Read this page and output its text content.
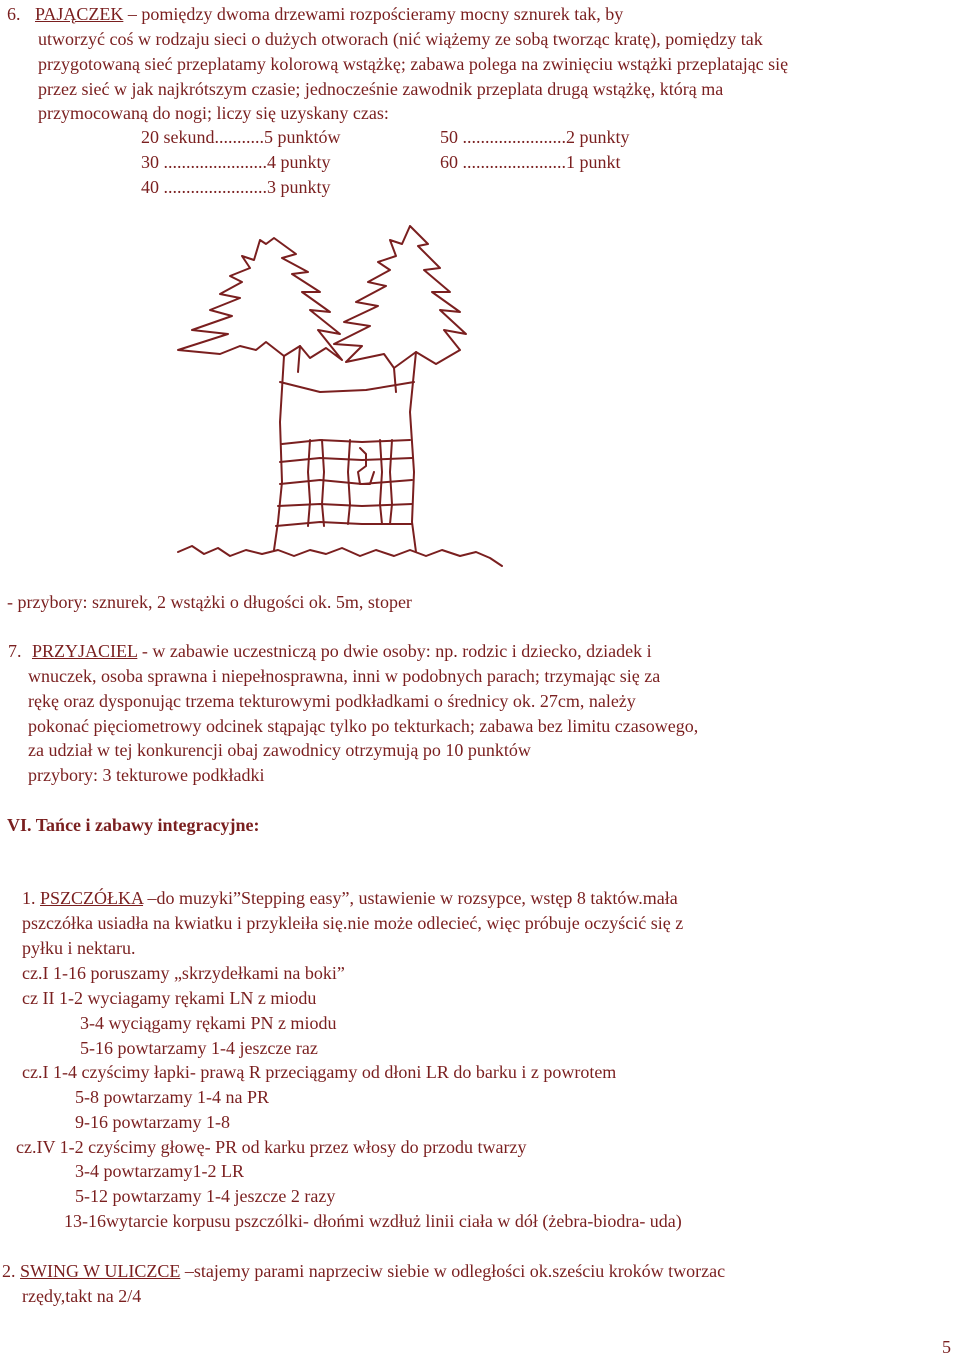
6. PAJĄCZEK – pomiędzy dwoma drzewami rozpościeramy mocny sznurek tak, by
utworzyć coś w rodzaju sieci o dużych otworach (nić wiążemy ze sobą tworząc kratę), pomiędzy tak
przygotowaną sieć przeplatamy kolorową wstążkę; zabawa polega na zwinięciu wstążki przeplatając się
przez sieć w jak najkrótszym czasie; jednocześnie zawodnik przeplata drugą wstążkę, którą ma
przymocowaną do nogi; liczy się uzyskany czas:
20 sekund...........5 punktów
30 .......................4 punkty
40 .......................3 punkty
50 .......................2 punkty
60 .......................1 punkt
- przybory: sznurek, 2 wstążki o długości ok. 5m, stoper
7. PRZYJACIEL - w zabawie uczestniczą po dwie osoby: np. rodzic i dziecko, dziadek i
wnuczek, osoba sprawna i niepełnosprawna, inni w podobnych parach; trzymając się za
rękę oraz dysponując trzema tekturowymi podkładkami o średnicy ok. 27cm, należy
pokonać pięciometrowy odcinek stąpając tylko po tekturkach; zabawa bez limitu czasowego,
za udział w tej konkurencji obaj zawodnicy otrzymują po 10 punktów
przybory: 3 tekturowe podkładki
VI. Tańce i zabawy integracyjne:
1. PSZCZÓŁKA –do muzyki”Stepping easy”, ustawienie w rozsypce, wstęp 8 taktów.mała
pszczółka usiadła na kwiatku i przykleiła się.nie może odlecieć, więc próbuje oczyścić się z
pyłku i nektaru.
cz.I 1-16 poruszamy „skrzydełkami na boki”
cz II 1-2 wyciagamy rękami LN z miodu
3-4 wyciągamy rękami PN z miodu
5-16 powtarzamy 1-4 jeszcze raz
cz.I 1-4 czyścimy łapki- prawą R przeciągamy od dłoni LR do barku i z powrotem
5-8 powtarzamy 1-4 na PR
9-16 powtarzamy 1-8
cz.IV 1-2 czyścimy głowę- PR od karku przez włosy do przodu twarzy
3-4 powtarzamy1-2 LR
5-12 powtarzamy 1-4 jeszcze 2 razy
13-16wytarcie korpusu pszczólki- dłońmi wzdłuż linii ciała w dół (żebra-biodra- uda)
2. SWING W ULICZCE –stajemy parami naprzeciw siebie w odległości ok.sześciu kroków tworzac
rzędy,takt na 2/4
5
